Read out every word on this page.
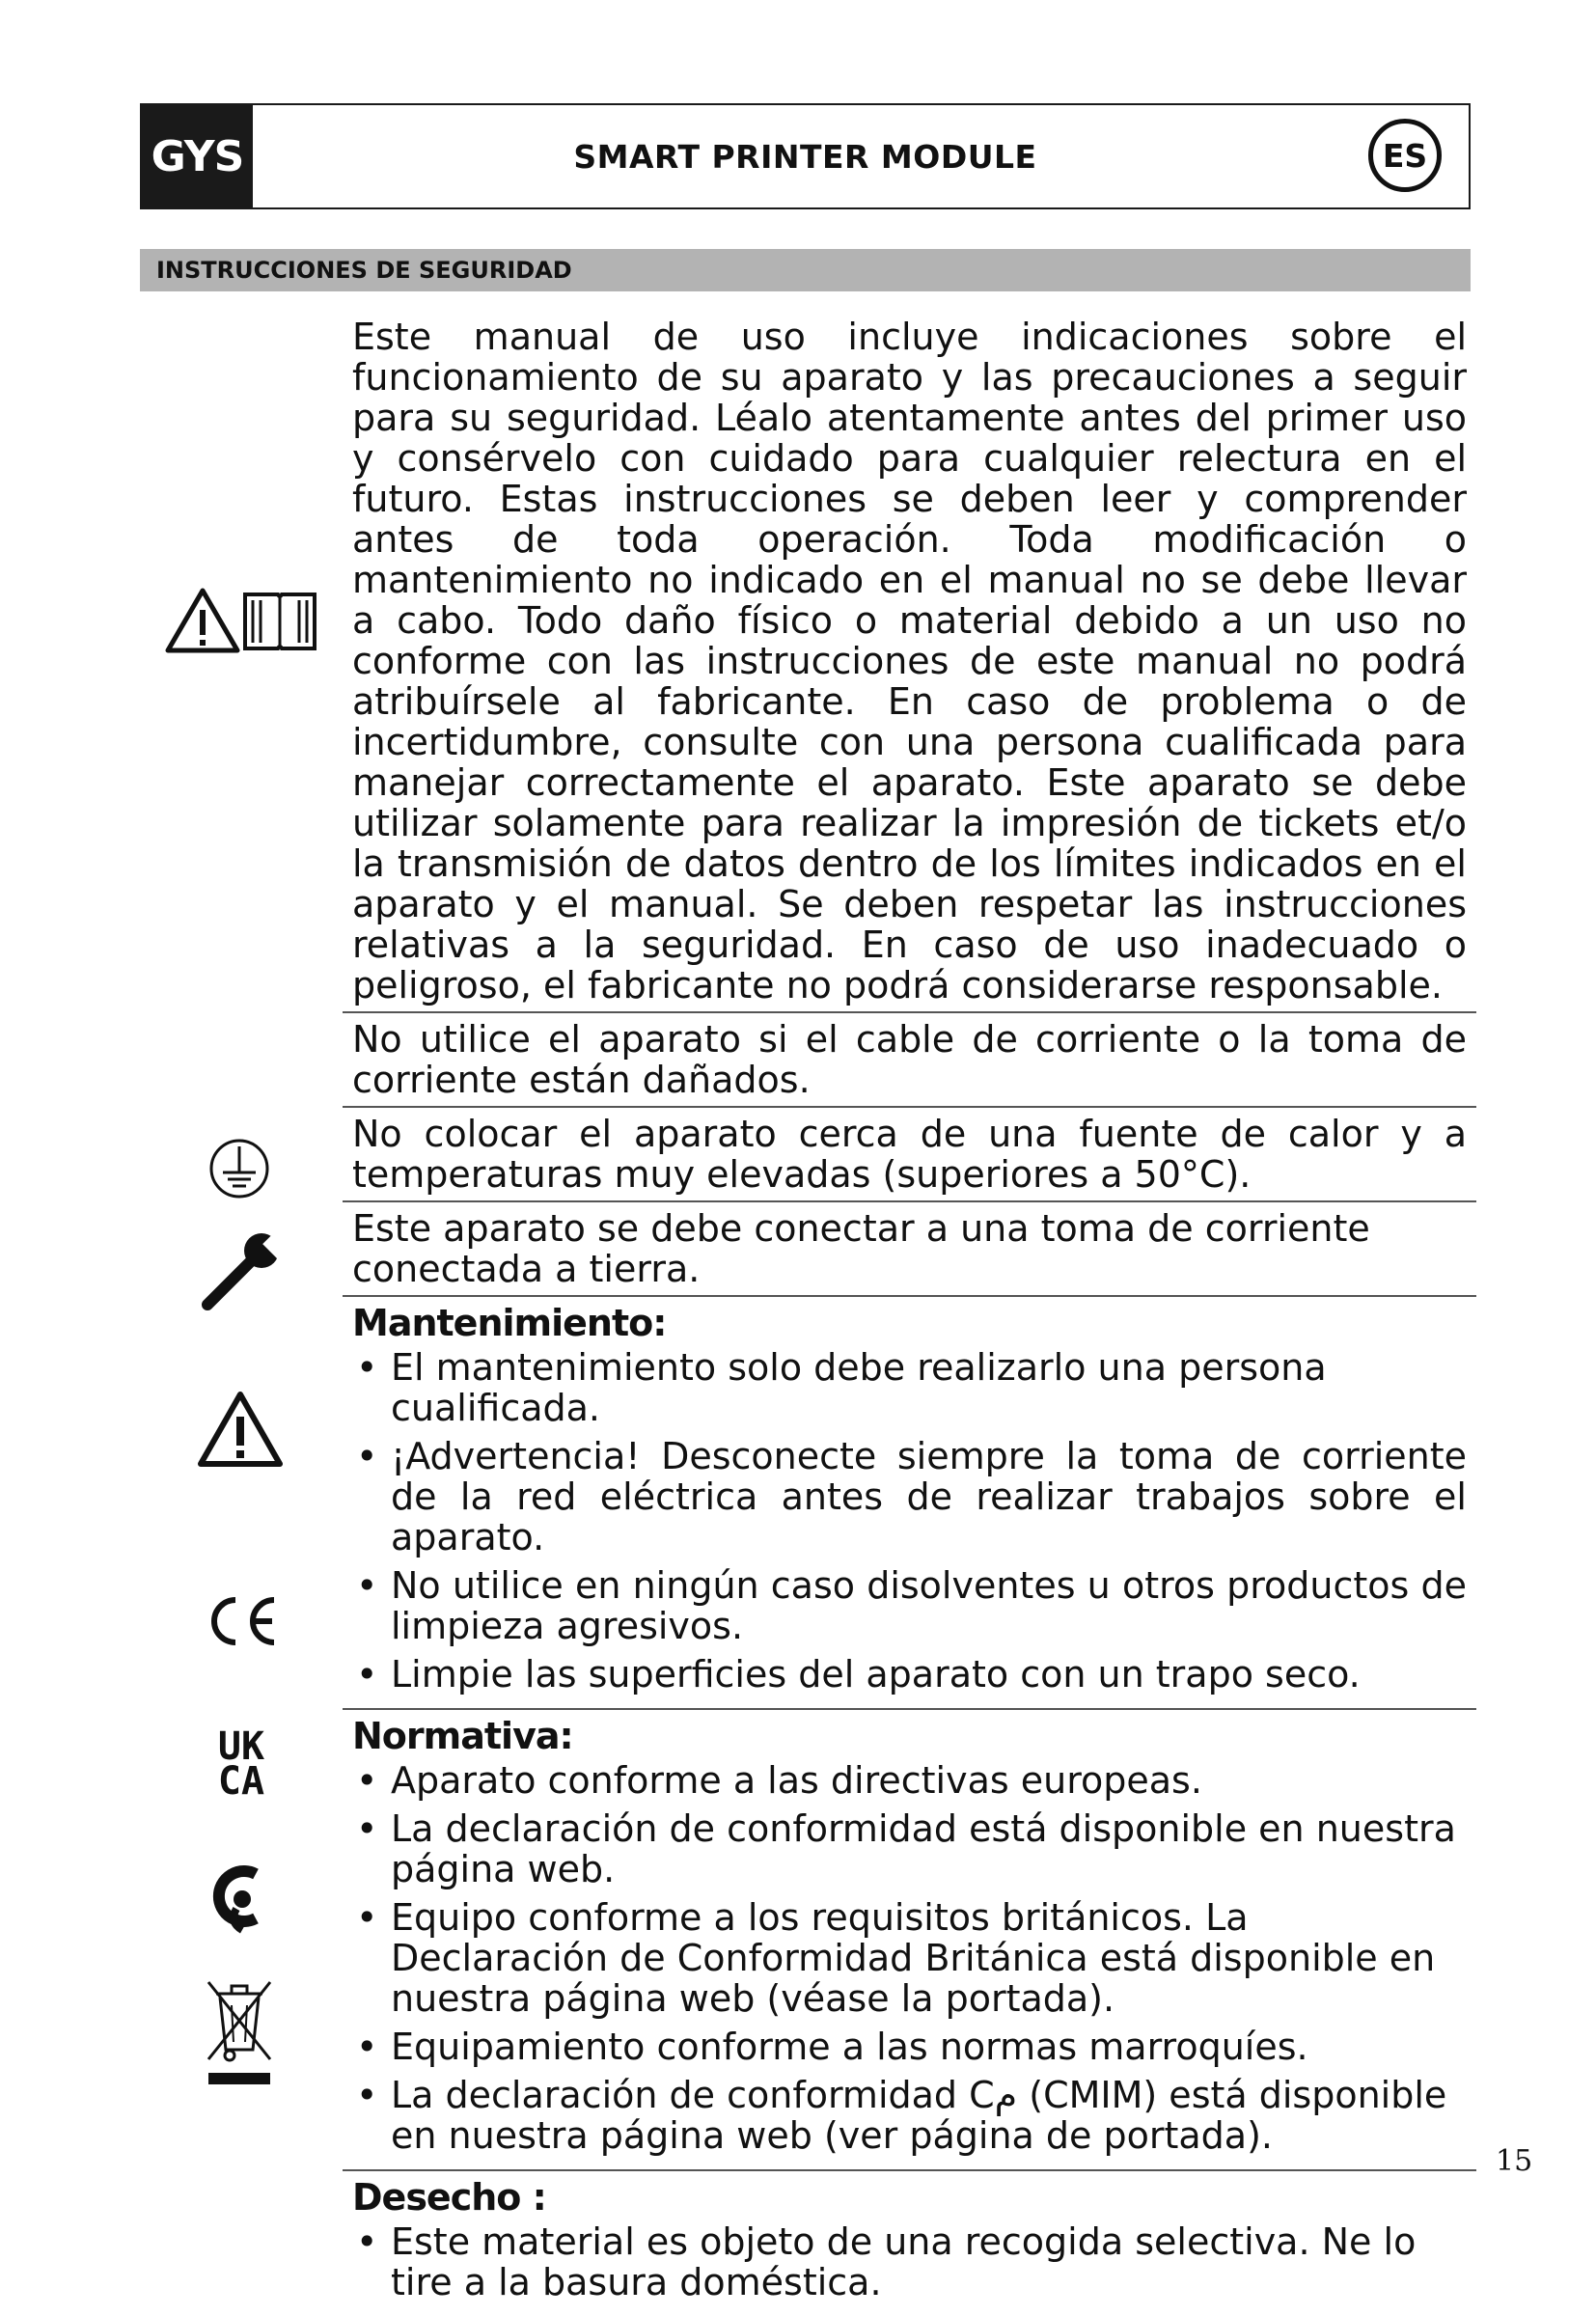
GYS	SMART PRINTER MODULE	ES
INSTRUCCIONES DE SEGURIDAD
UK
CA

Este manual de uso incluye indicaciones sobre el funcionamiento de su aparato y las precauciones a seguir para su seguridad. Léalo atentamente antes del primer uso y consérvelo con cuidado para cualquier relectura en el futuro. Estas instrucciones se deben leer y comprender antes de toda operación. Toda modificación o mantenimiento no indicado en el manual no se debe llevar a cabo. Todo daño físico o material debido a un uso no conforme con las instrucciones de este manual no podrá atribuírsele al fabricante. En caso de problema o de incertidumbre, consulte con una persona cualificada para manejar correctamente el aparato. Este aparato se debe utilizar solamente para realizar la impresión de tickets et/o la transmisión de datos dentro de los límites indicados en el aparato y el manual. Se deben respetar las instrucciones relativas a la seguridad. En caso de uso inadecuado o peligroso, el fabricante no podrá considerarse responsable.

No utilice el aparato si el cable de corriente o la toma de corriente están dañados.

No colocar el aparato cerca de una fuente de calor y a temperaturas muy elevadas (superiores a 50°C).

Este aparato se debe conectar a una toma de corriente conectada a tierra.

Mantenimiento:

• El mantenimiento solo debe realizarlo una persona cualificada.
• ¡Advertencia! Desconecte siempre la toma de corriente de la red eléctrica antes de realizar trabajos sobre el aparato.
• No utilice en ningún caso disolventes u otros productos de limpieza agresivos.
• Limpie las superficies del aparato con un trapo seco.

Normativa:

• Aparato conforme a las directivas europeas.
• La declaración de conformidad está disponible en nuestra página web.
• Equipo conforme a los requisitos británicos. La Declaración de Conformidad Británica está disponible en nuestra página web (véase la portada).
• Equipamiento conforme a las normas marroquíes.
• La declaración de conformidad Cم (CMIM) está disponible en nuestra página web (ver página de portada).

Desecho :

• Este material es objeto de una recogida selectiva. Ne lo tire a la basura doméstica.
15
